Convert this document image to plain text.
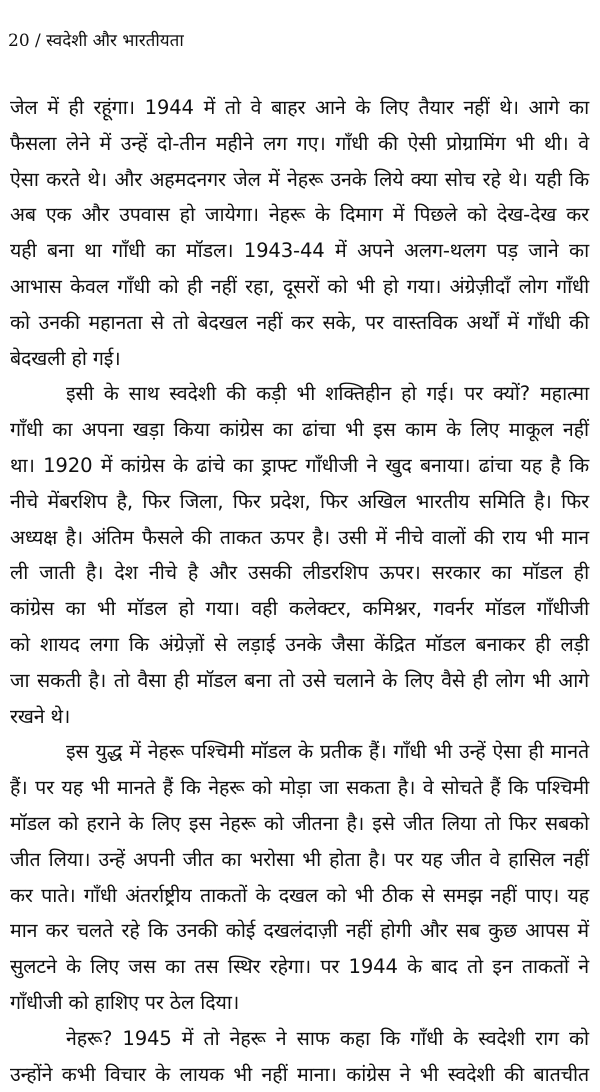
20 / स्वदेशी और भारतीयता
जेल में ही रहूंगा। 1944 में तो वे बाहर आने के लिए तैयार नहीं थे। आगे का
फैसला लेने में उन्हें दो-तीन महीने लग गए। गाँधी की ऐसी प्रोग्रामिंग भी थी। वे
ऐसा करते थे। और अहमदनगर जेल में नेहरू उनके लिये क्या सोच रहे थे। यही कि
अब एक और उपवास हो जायेगा। नेहरू के दिमाग में पिछले को देख-देख कर
यही बना था गाँधी का मॉडल। 1943-44 में अपने अलग-थलग पड़ जाने का
आभास केवल गाँधी को ही नहीं रहा, दूसरों को भी हो गया। अंग्रेज़ीदाँ लोग गाँधी
को उनकी महानता से तो बेदखल नहीं कर सके, पर वास्तविक अर्थों में गाँधी की
बेदखली हो गई।
इसी के साथ स्वदेशी की कड़ी भी शक्तिहीन हो गई। पर क्यों? महात्मा
गाँधी का अपना खड़ा किया कांग्रेस का ढांचा भी इस काम के लिए माकूल नहीं
था। 1920 में कांग्रेस के ढांचे का ड्राफ्ट गाँधीजी ने खुद बनाया। ढांचा यह है कि
नीचे मेंबरशिप है, फिर जिला, फिर प्रदेश, फिर अखिल भारतीय समिति है। फिर
अध्यक्ष है। अंतिम फैसले की ताकत ऊपर है। उसी में नीचे वालों की राय भी मान
ली जाती है। देश नीचे है और उसकी लीडरशिप ऊपर। सरकार का मॉडल ही
कांग्रेस का भी मॉडल हो गया। वही कलेक्टर, कमिश्नर, गवर्नर मॉडल गाँधीजी
को शायद लगा कि अंग्रेज़ों से लड़ाई उनके जैसा केंद्रित मॉडल बनाकर ही लड़ी
जा सकती है। तो वैसा ही मॉडल बना तो उसे चलाने के लिए वैसे ही लोग भी आगे
रखने थे।
इस युद्ध में नेहरू पश्चिमी मॉडल के प्रतीक हैं। गाँधी भी उन्हें ऐसा ही मानते
हैं। पर यह भी मानते हैं कि नेहरू को मोड़ा जा सकता है। वे सोचते हैं कि पश्चिमी
मॉडल को हराने के लिए इस नेहरू को जीतना है। इसे जीत लिया तो फिर सबको
जीत लिया। उन्हें अपनी जीत का भरोसा भी होता है। पर यह जीत वे हासिल नहीं
कर पाते। गाँधी अंतर्राष्ट्रीय ताकतों के दखल को भी ठीक से समझ नहीं पाए। यह
मान कर चलते रहे कि उनकी कोई दखलंदाज़ी नहीं होगी और सब कुछ आपस में
सुलटने के लिए जस का तस स्थिर रहेगा। पर 1944 के बाद तो इन ताकतों ने
गाँधीजी को हाशिए पर ठेल दिया।
नेहरू? 1945 में तो नेहरू ने साफ कहा कि गाँधी के स्वदेशी राग को
उन्होंने कभी विचार के लायक भी नहीं माना। कांग्रेस ने भी स्वदेशी की बातचीत
